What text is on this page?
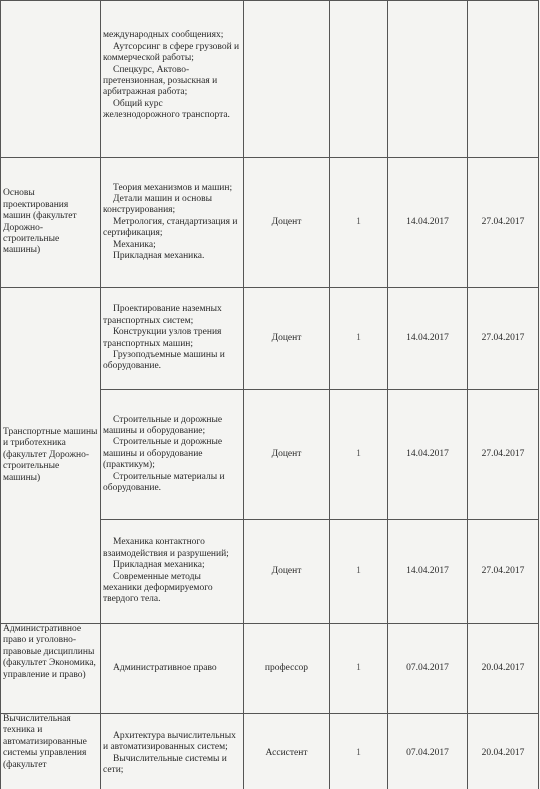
	международных сообщениях;
Аутсорсинг в сфере грузовой и коммерческой работы;
Спецкурс, Актово-претензионная, розыскная и арбитражная работа;
Общий курс железнодорожного транспорта.				

Основы проектирования машин (факультет Дорожно-строительные машины)	Теория механизмов и машин;
Детали машин и основы конструирования;
Метрология, стандартизация и сертификация;
Механика;
Прикладная механика.	Доцент	1	14.04.2017	27.04.2017
Транспортные машины и триботехника (факультет Дорожно-строительные машины)	Проектирование наземных транспортных систем;
Конструкции узлов трения транспортных машин;
Грузоподъемные машины и оборудование.	Доцент	1	14.04.2017	27.04.2017

	Строительные и дорожные машины и оборудование;
Строительные и дорожные машины и оборудование (практикум);
Строительные материалы и оборудование.	Доцент	1	14.04.2017	27.04.2017

	Механика контактного взаимодействия и разрушений;
Прикладная механика;
Современные методы механики деформируемого твердого тела.	Доцент	1	14.04.2017	27.04.2017
Административное право и уголовно-правовые дисциплины (факультет Экономика, управление и право)	Административное право	профессор	1	07.04.2017	20.04.2017
Вычислительная техника и автоматизированные системы управления (факультет	Архитектура вычислительных и автоматизированных систем;
Вычислительные системы и сети;	Ассистент	1	07.04.2017	20.04.2017
